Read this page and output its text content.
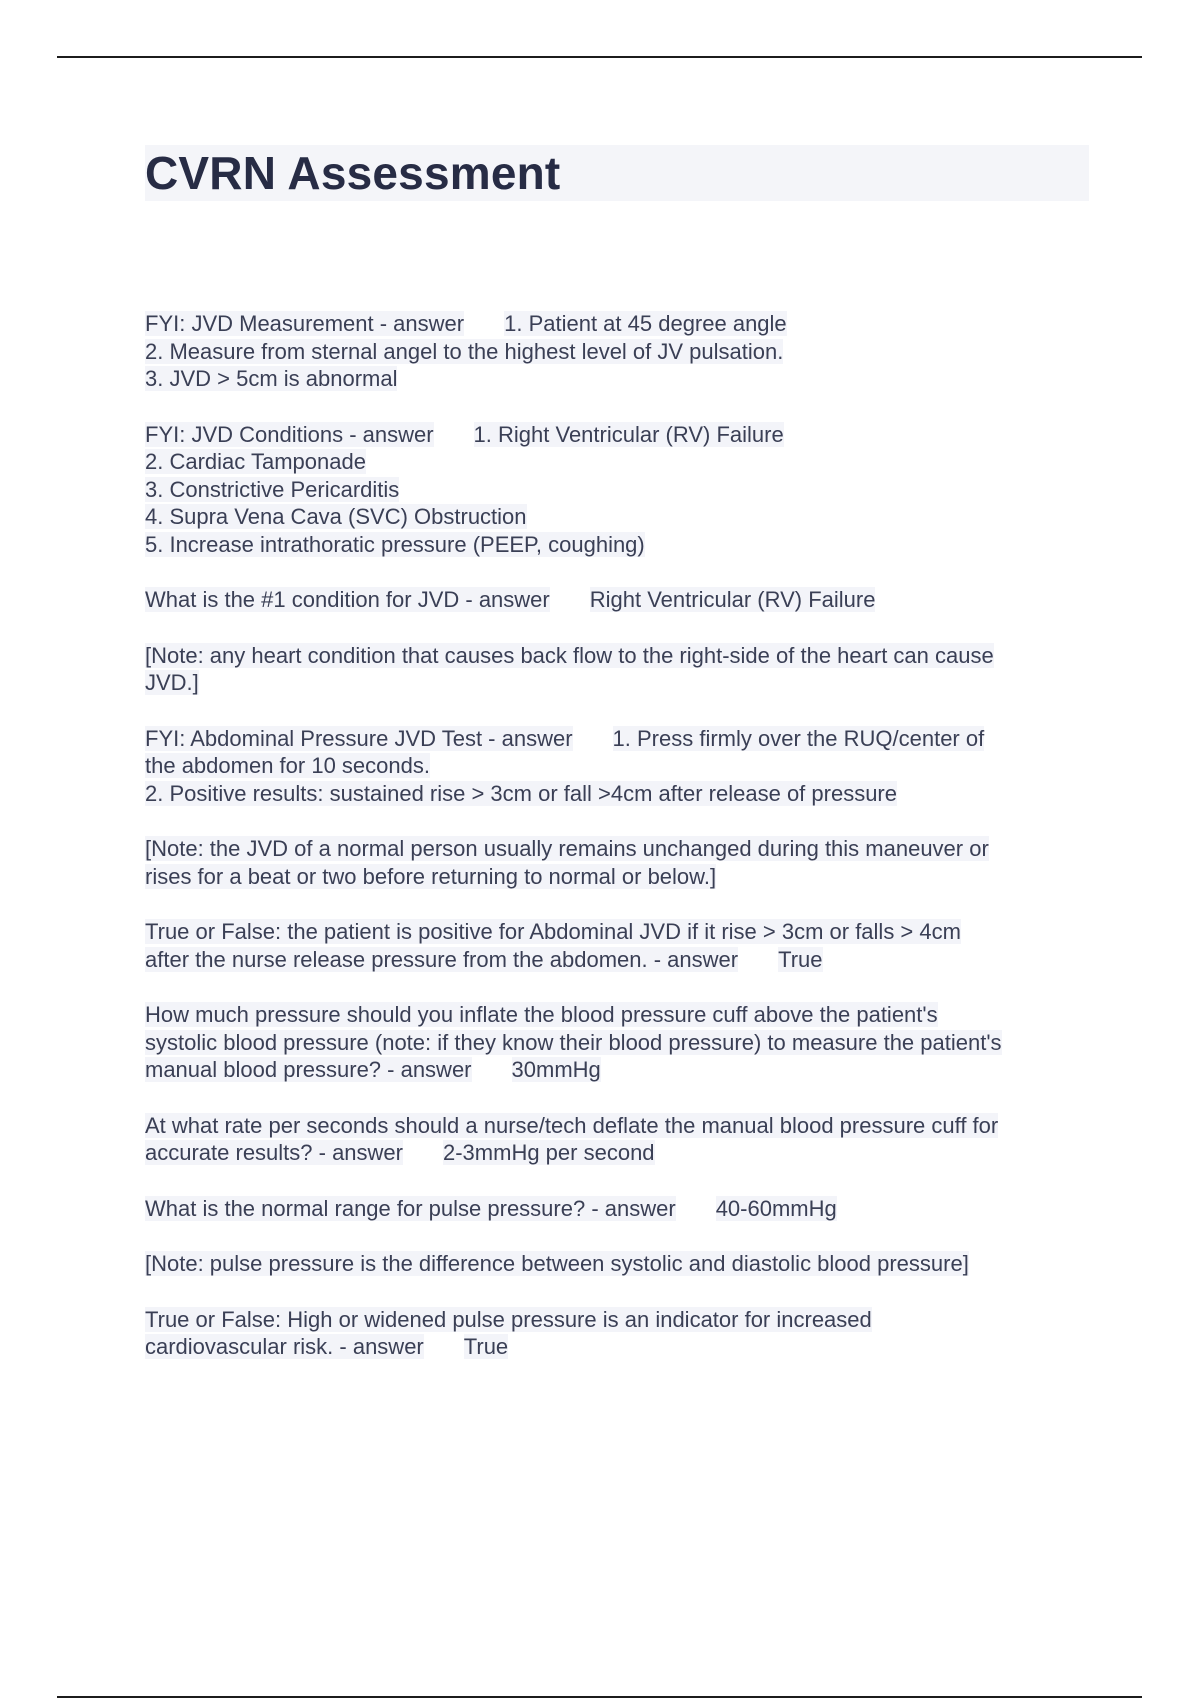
CVRN Assessment
FYI: JVD Measurement - answer 1. Patient at 45 degree angle
2. Measure from sternal angel to the highest level of JV pulsation.
3. JVD > 5cm is abnormal
FYI: JVD Conditions - answer 1. Right Ventricular (RV) Failure
2. Cardiac Tamponade
3. Constrictive Pericarditis
4. Supra Vena Cava (SVC) Obstruction
5. Increase intrathoratic pressure (PEEP, coughing)
What is the #1 condition for JVD - answer Right Ventricular (RV) Failure
[Note: any heart condition that causes back flow to the right-side of the heart can cause
JVD.]
FYI: Abdominal Pressure JVD Test - answer 1. Press firmly over the RUQ/center of
the abdomen for 10 seconds.
2. Positive results: sustained rise > 3cm or fall >4cm after release of pressure
[Note: the JVD of a normal person usually remains unchanged during this maneuver or
rises for a beat or two before returning to normal or below.]
True or False: the patient is positive for Abdominal JVD if it rise > 3cm or falls > 4cm
after the nurse release pressure from the abdomen. - answer True
How much pressure should you inflate the blood pressure cuff above the patient's
systolic blood pressure (note: if they know their blood pressure) to measure the patient's
manual blood pressure? - answer 30mmHg
At what rate per seconds should a nurse/tech deflate the manual blood pressure cuff for
accurate results? - answer 2-3mmHg per second
What is the normal range for pulse pressure? - answer 40-60mmHg
[Note: pulse pressure is the difference between systolic and diastolic blood pressure]
True or False: High or widened pulse pressure is an indicator for increased
cardiovascular risk. - answer True
